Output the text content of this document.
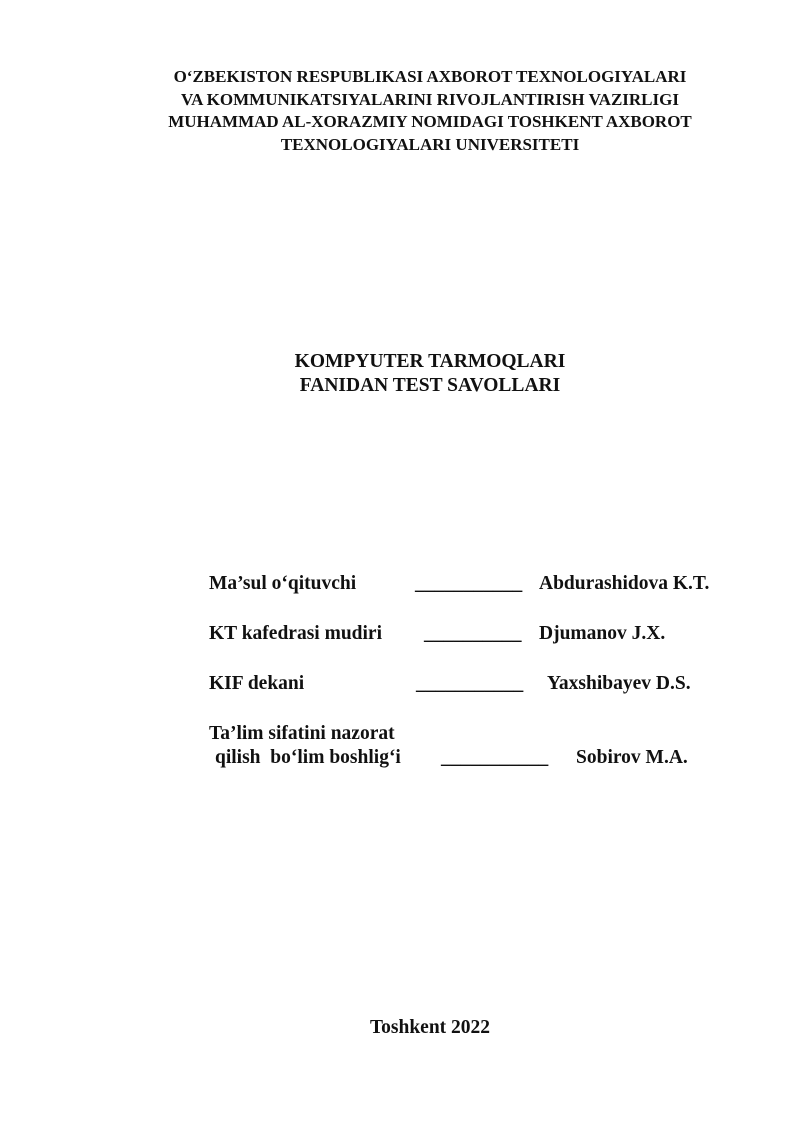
O‘ZBEKISTON RESPUBLIKASI AXBOROT TEXNOLOGIYALARI
VA KOMMUNIKATSIYALARINI RIVOJLANTIRISH VAZIRLIGI
MUHAMMAD AL-XORAZMIY NOMIDAGI TOSHKENT AXBOROT
TEXNOLOGIYALARI UNIVERSITETI
KOMPYUTER TARMOQLARI
FANIDAN TEST SAVOLLARI
Ma’sul o‘qituvchi	___________ Abdurashidova K.T.
KT kafedrasi mudiri __________ Djumanov J.X.
KIF dekani	___________ Yaxshibayev D.S.
Ta’lim sifatini nazorat
qilish  bo‘lim boshlig‘i ___________ Sobirov M.A.
Toshkent 2022
